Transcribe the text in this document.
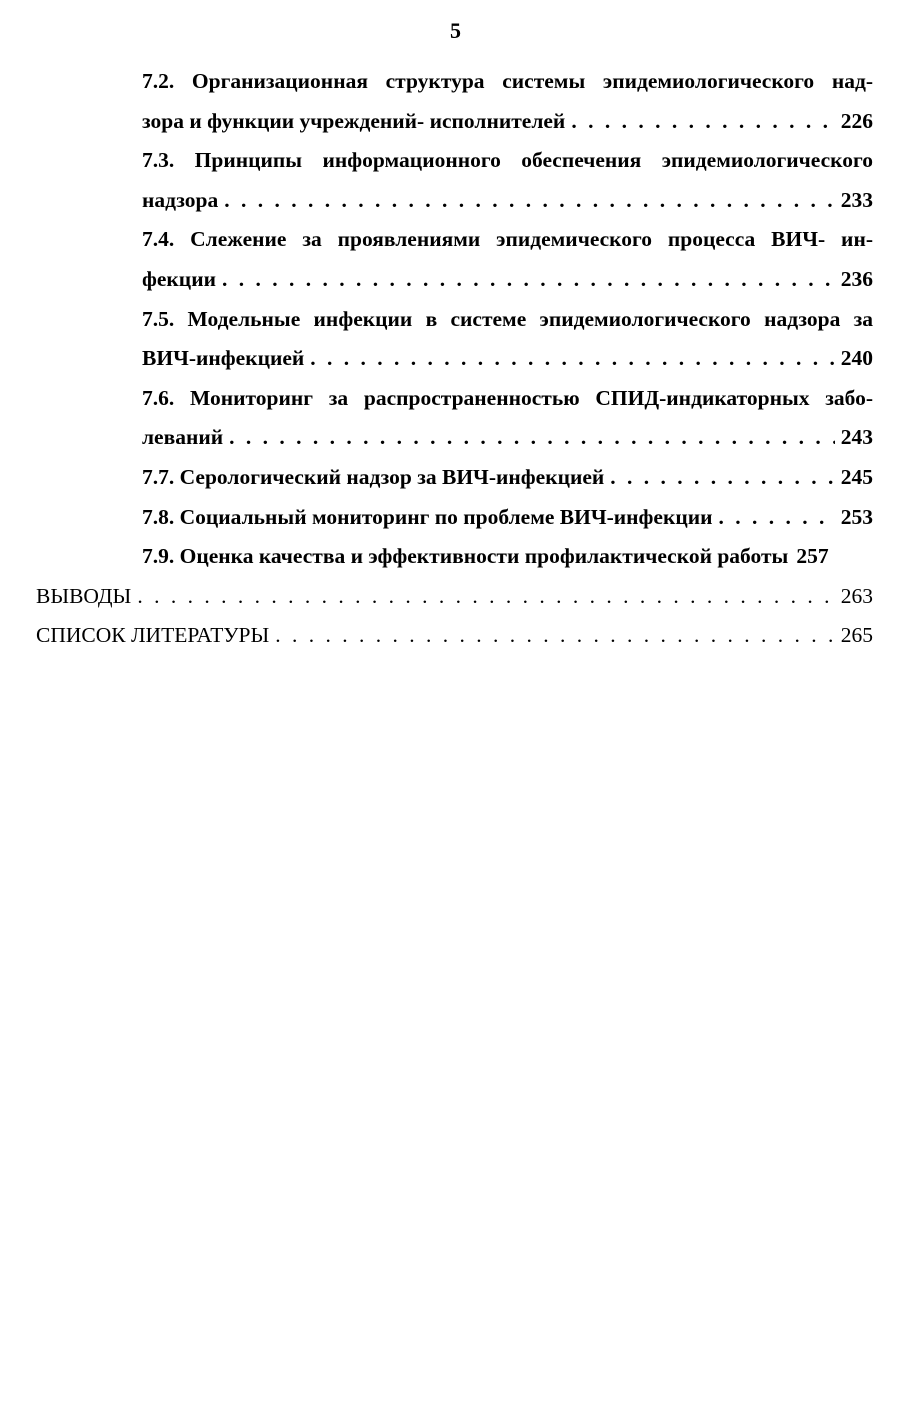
5
7.2. Организационная структура системы эпидемиологического над-
зора и функции учреждений- исполнителей . . .	226
7.3. Принципы информационного обеспечения эпидемиологического
надзора . . .	233
7.4. Слежение за проявлениями эпидемического процесса ВИЧ- ин-
фекции . . .	236
7.5. Модельные инфекции в системе эпидемиологического надзора за
ВИЧ-инфекцией . . .	240
7.6. Мониторинг за распространенностью СПИД-индикаторных забо-
леваний . . .	243
7.7. Серологический надзор за ВИЧ-инфекцией . . .	245
7.8. Социальный мониторинг по проблеме ВИЧ-инфекции . . .	253
7.9. Оценка качества и эффективности профилактической работы 257
ВЫВОДЫ . . .	263
СПИСОК ЛИТЕРАТУРЫ . . .	265
